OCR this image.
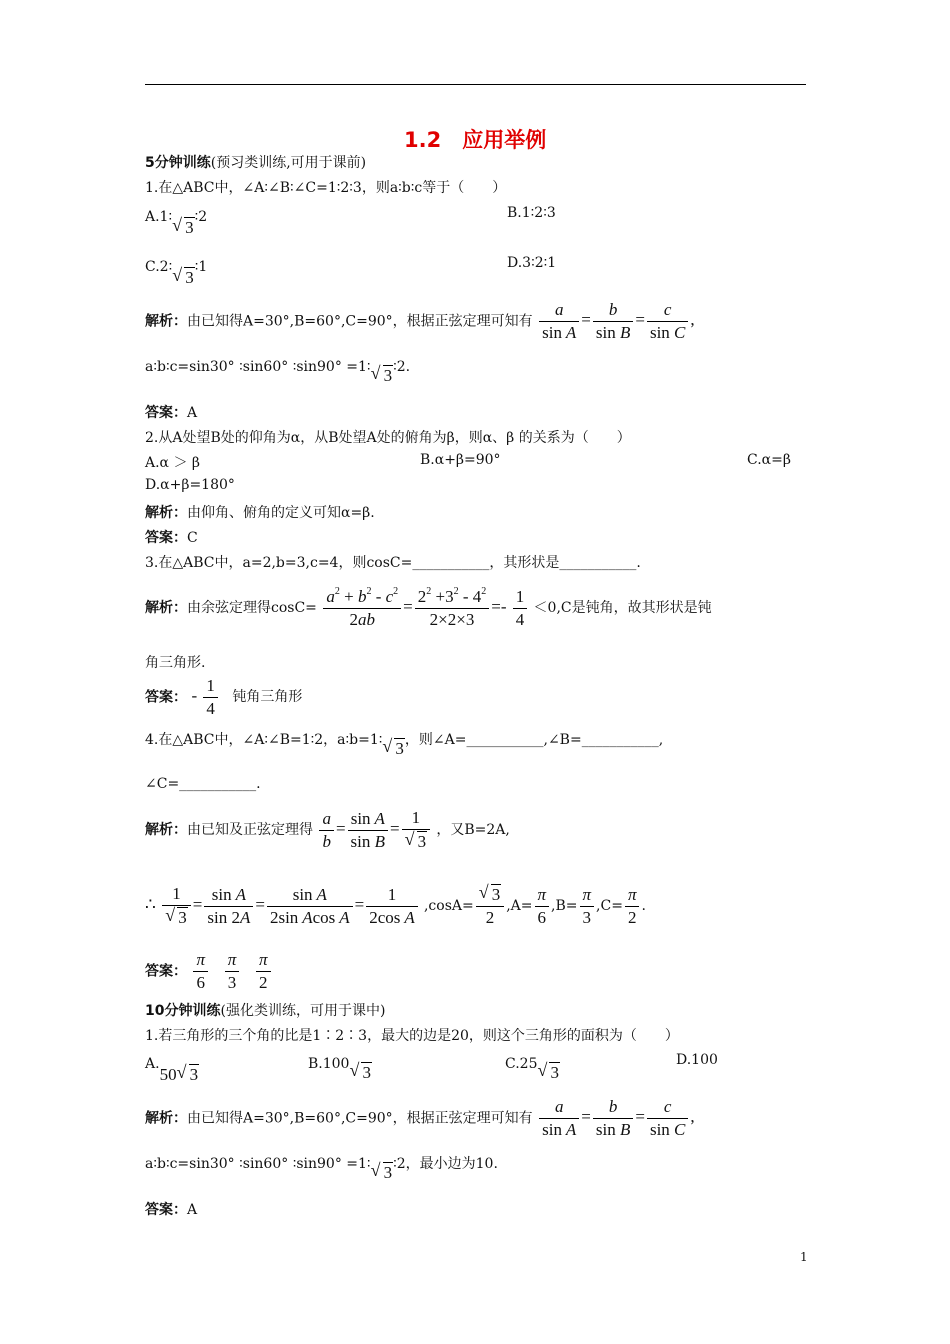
1.2　应用举例
5分钟训练(预习类训练,可用于课前)
1.在△ABC中，∠A∶∠B∶∠C=1∶2∶3，则a∶b∶c等于（　　）
A.1∶√ 3∶2	B.1∶2∶3
C.2∶√ 3∶1	D.3∶2∶1
解析：由已知得A=30°,B=60°,C=90°，根据正弦定理可知有 $\frac{a}{\text{sin A}} = \frac{b}{\text{sin B}} = \frac{c}{\text{sin C}}$ ,
a∶b∶c=sin30° ∶sin60° ∶sin90° =1∶ √ 3∶2.
答案：A
2.从A处望B处的仰角为α，从B处望A处的俯角为β，则α、β 的关系为（　　）
A.α ＞ β	B.α+β=90°	C.α=β
D.α+β=180°
解析：由仰角、俯角的定义可知α=β.
答案：C
3.在△ABC中，a=2,b=3,c=4，则cosC=___________，其形状是___________.
解析：由余弦定理得$\cos C= \frac{a^2 + b^2 - c^2}{2ab} = \frac{2^2 +3^2 - 4^2}{2\times 2\times 3} =- \frac{1}{4} <0,C$是钝角，故其形状是钝
角三角形.
答案： - $\frac{1}{4}$ 钝角三角形
4.在△ABC中，∠A∶∠B=1∶2，a∶b=1∶ √ 3，则∠A=___________,∠B=___________,
∠C=___________.
解析：由已知及正弦定理得 $\frac{a}{b} = \frac{\text{sin A}}{\text{sin B}} = 1$
√ 3 ，又B=2A,
∴ 1
√ $3 = \frac{\text{sin A}}{\sin 2A} = \frac{\text{sin A}}{\text{2sin Acos A}} = \frac{1}{\text{2cos A}} ,\cos A=$ √ $\frac{3}{2} ,A= \frac{\pi}{6} ,B= \frac{\pi}{3} ,C= \frac{\pi}{2}$ .
答案： $\frac{\pi}{6}$
$\frac{\pi}{3}$
$\frac{\pi}{2}$
10分钟训练(强化类训练，可用于课中)
1.若三角形的三个角的比是1∶2∶3，最大的边是20，则这个三角形的面积为（　　）
A.50 √ 3
B.100 √ 3	C.25 √ 3
D.100
解析：由已知得A=30°,B=60°,C=90°，根据正弦定理可知有 $\frac{a}{\text{sin A}} = \frac{b}{\text{sin B}} = \frac{c}{\text{sin C}}$ ,
a∶b∶c=sin30° ∶sin60° ∶sin90° =1∶ √ 3∶2，最小边为10.
答案：A
1
